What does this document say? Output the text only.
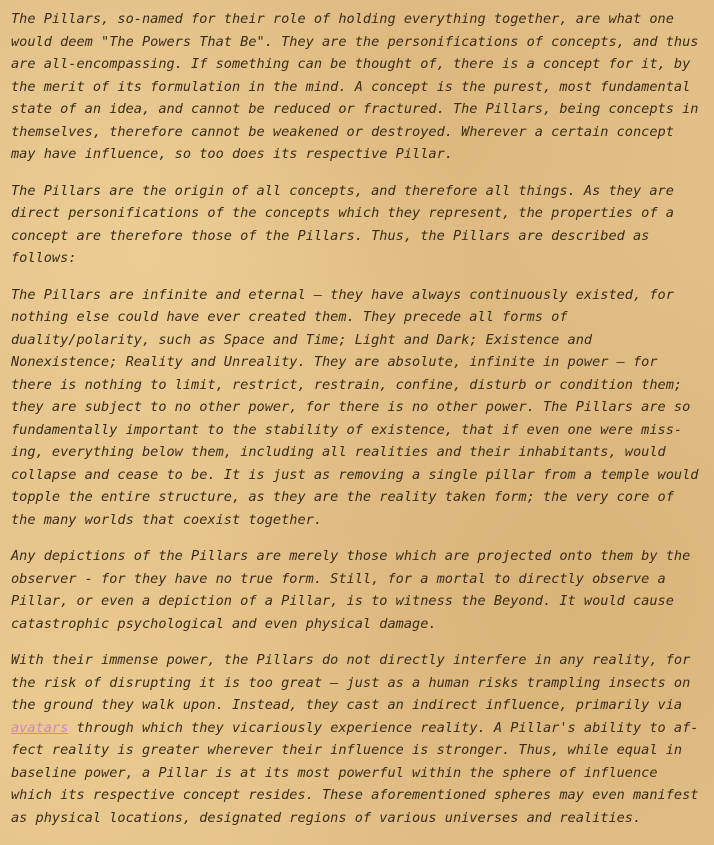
The Pillars, so-named for their role of holding everything together, are what one
would deem "The Powers That Be". They are the personifications of concepts, and thus
are all-encompassing. If something can be thought of, there is a concept for it, by
the merit of its formulation in the mind. A concept is the purest, most fundamental
state of an idea, and cannot be reduced or fractured. The Pillars, being concepts in
themselves, therefore cannot be weakened or destroyed. Wherever a certain concept
may have influence, so too does its respective Pillar.

The Pillars are the origin of all concepts, and therefore all things. As they are
direct personifications of the concepts which they represent, the properties of a
concept are therefore those of the Pillars. Thus, the Pillars are described as
follows:

The Pillars are infinite and eternal — they have always continuously existed, for
nothing else could have ever created them. They precede all forms of
duality/polarity, such as Space and Time; Light and Dark; Existence and
Nonexistence; Reality and Unreality. They are absolute, infinite in power — for
there is nothing to limit, restrict, restrain, confine, disturb or condition them;
they are subject to no other power, for there is no other power. The Pillars are so
fundamentally important to the stability of existence, that if even one were miss-
ing, everything below them, including all realities and their inhabitants, would
collapse and cease to be. It is just as removing a single pillar from a temple would
topple the entire structure, as they are the reality taken form; the very core of
the many worlds that coexist together.

Any depictions of the Pillars are merely those which are projected onto them by the
observer - for they have no true form. Still, for a mortal to directly observe a
Pillar, or even a depiction of a Pillar, is to witness the Beyond. It would cause
catastrophic psychological and even physical damage.

With their immense power, the Pillars do not directly interfere in any reality, for
the risk of disrupting it is too great — just as a human risks trampling insects on
the ground they walk upon. Instead, they cast an indirect influence, primarily via
avatars through which they vicariously experience reality. A Pillar's ability to af-
fect reality is greater wherever their influence is stronger. Thus, while equal in
baseline power, a Pillar is at its most powerful within the sphere of influence
which its respective concept resides. These aforementioned spheres may even manifest
as physical locations, designated regions of various universes and realities.
